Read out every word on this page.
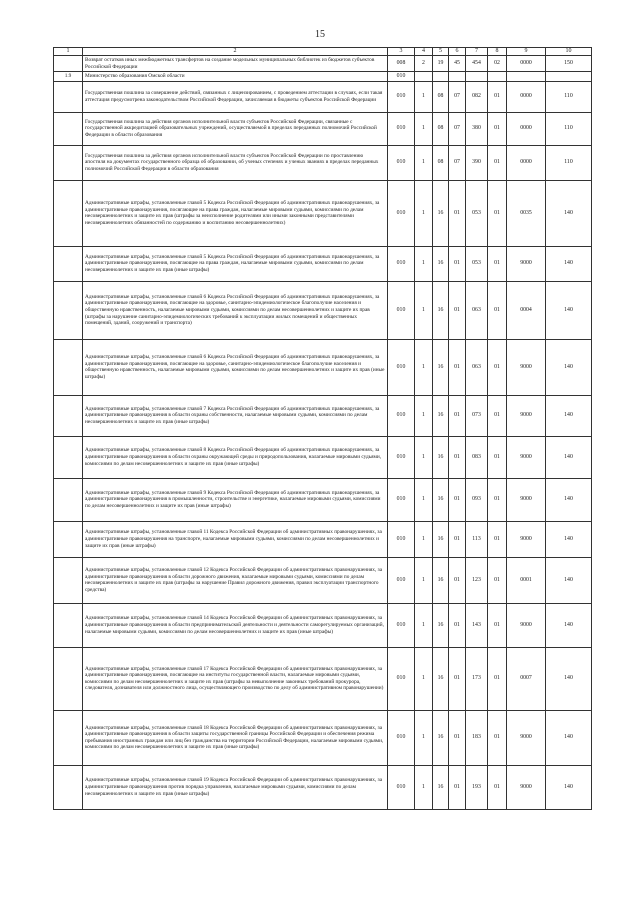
15
1	2	3	4	5	6	7	8	9	10
	Возврат остатков иных межбюджетных трансфертов на создание модельных муниципальных библиотек из бюджетов субъектов Российской Федерации	008	2	19	45	454	02	0000	150
1.9	Министерство образования Омской области	010							
	Государственная пошлина за совершение действий, связанных с лицензированием, с проведением аттестации в случаях, если такая аттестация предусмотрена законодательством Российской Федерации, зачисляемая в бюджеты субъектов Российской Федерации	010	1	08	07	082	01	0000	110
	Государственная пошлина за действия органов исполнительной власти субъектов Российской Федерации, связанные с государственной аккредитацией образовательных учреждений, осуществляемой в пределах переданных полномочий Российской Федерации в области образования	010	1	08	07	380	01	0000	110
	Государственная пошлина за действия органов исполнительной власти субъектов Российской Федерации по проставлению апостиля на документах государственного образца об образовании, об ученых степенях и ученых званиях в пределах переданных полномочий Российской Федерации в области образования	010	1	08	07	390	01	0000	110
	Административные штрафы, установленные главой 5 Кодекса Российской Федерации об административных правонарушениях, за административные правонарушения, посягающие на права граждан, налагаемые мировыми судьями, комиссиями по делам несовершеннолетних и защите их прав (штрафы за неисполнение родителями или иными законными представителями несовершеннолетних обязанностей по содержанию и воспитанию несовершеннолетних)	010	1	16	01	053	01	0035	140
	Административные штрафы, установленные главой 5 Кодекса Российской Федерации об административных правонарушениях, за административные правонарушения, посягающие на права граждан, налагаемые мировыми судьями, комиссиями по делам несовершеннолетних и защите их прав (иные штрафы)	010	1	16	01	053	01	9000	140
	Административные штрафы, установленные главой 6 Кодекса Российской Федерации об административных правонарушениях, за административные правонарушения, посягающие на здоровье, санитарно-эпидемиологическое благополучие населения и общественную нравственность, налагаемые мировыми судьями, комиссиями по делам несовершеннолетних и защите их прав (штрафы за нарушение санитарно-эпидемиологических требований к эксплуатации жилых помещений и общественных помещений, зданий, сооружений и транспорта)	010	1	16	01	063	01	0004	140
	Административные штрафы, установленные главой 6 Кодекса Российской Федерации об административных правонарушениях, за административные правонарушения, посягающие на здоровье, санитарно-эпидемиологическое благополучие населения и общественную нравственность, налагаемые мировыми судьями, комиссиями по делам несовершеннолетних и защите их прав (иные штрафы)	010	1	16	01	063	01	9000	140
	Административные штрафы, установленные главой 7 Кодекса Российской Федерации об административных правонарушениях, за административные правонарушения в области охраны собственности, налагаемые мировыми судьями, комиссиями по делам несовершеннолетних и защите их прав (иные штрафы)	010	1	16	01	073	01	9000	140
	Административные штрафы, установленные главой 8 Кодекса Российской Федерации об административных правонарушениях, за административные правонарушения в области охраны окружающей среды и природопользования, налагаемые мировыми судьями, комиссиями по делам несовершеннолетних и защите их прав (иные штрафы)	010	1	16	01	083	01	9000	140
	Административные штрафы, установленные главой 9 Кодекса Российской Федерации об административных правонарушениях, за административные правонарушения в промышленности, строительстве и энергетике, налагаемые мировыми судьями, комиссиями по делам несовершеннолетних и защите их прав (иные штрафы)	010	1	16	01	093	01	9000	140
	Административные штрафы, установленные главой 11 Кодекса Российской Федерации об административных правонарушениях, за административные правонарушения на транспорте, налагаемые мировыми судьями, комиссиями по делам несовершеннолетних и защите их прав (иные штрафы)	010	1	16	01	113	01	9000	140
	Административные штрафы, установленные главой 12 Кодекса Российской Федерации об административных правонарушениях, за административные правонарушения в области дорожного движения, налагаемые мировыми судьями, комиссиями по делам несовершеннолетних и защите их прав (штрафы за нарушение Правил дорожного движения, правил эксплуатации транспортного средства)	010	1	16	01	123	01	0001	140
	Административные штрафы, установленные главой 14 Кодекса Российской Федерации об административных правонарушениях, за административные правонарушения в области предпринимательской деятельности и деятельности саморегулируемых организаций, налагаемые мировыми судьями, комиссиями по делам несовершеннолетних и защите их прав (иные штрафы)	010	1	16	01	143	01	9000	140
	Административные штрафы, установленные главой 17 Кодекса Российской Федерации об административных правонарушениях, за административные правонарушения, посягающие на институты государственной власти, налагаемые мировыми судьями, комиссиями по делам несовершеннолетних и защите их прав (штрафы за невыполнение законных требований прокурора, следователя, дознавателя или должностного лица, осуществляющего производство по делу об административном правонарушении)	010	1	16	01	173	01	0007	140
	Административные штрафы, установленные главой 18 Кодекса Российской Федерации об административных правонарушениях, за административные правонарушения в области защиты государственной границы Российской Федерации и обеспечения режима пребывания иностранных граждан или лиц без гражданства на территории Российской Федерации, налагаемые мировыми судьями, комиссиями по делам несовершеннолетних и защите их прав (иные штрафы)	010	1	16	01	183	01	9000	140
	Административные штрафы, установленные главой 19 Кодекса Российской Федерации об административных правонарушениях, за административные правонарушения против порядка управления, налагаемые мировыми судьями, комиссиями по делам несовершеннолетних и защите их прав (иные штрафы)	010	1	16	01	193	01	9000	140
